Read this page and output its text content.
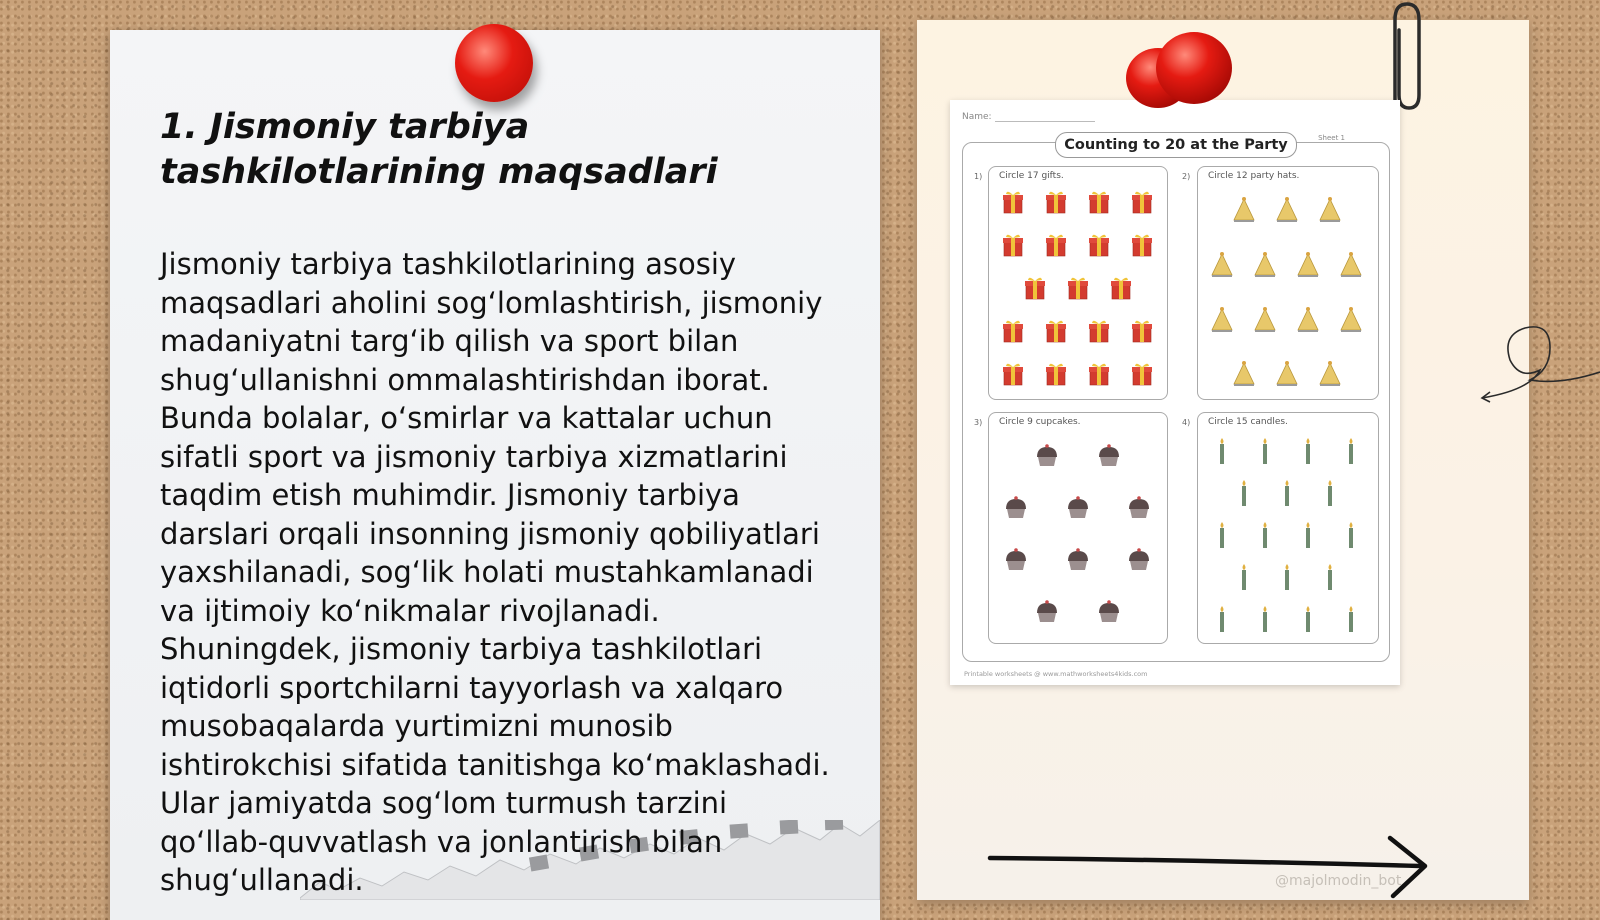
1. Jismoniy tarbiya tashkilotlarining maqsadlari

Jismoniy tarbiya tashkilotlarining asosiy maqsadlari aholini sog‘lomlashtirish, jismoniy madaniyatni targ‘ib qilish va sport bilan shug‘ullanishni ommalashtirishdan iborat. Bunda bolalar, o‘smirlar va kattalar uchun sifatli sport va jismoniy tarbiya xizmatlarini taqdim etish muhimdir. Jismoniy tarbiya darslari orqali insonning jismoniy qobiliyatlari yaxshilanadi, sog‘lik holati mustahkamlanadi va ijtimoiy ko‘nikmalar rivojlanadi. Shuningdek, jismoniy tarbiya tashkilotlari iqtidorli sportchilarni tayyorlash va xalqaro musobaqalarda yurtimizni munosib ishtirokchisi sifatida tanitishga ko‘maklashadi. Ular jamiyatda sog‘lom turmush tarzini qo‘llab-quvvatlash va jonlantirish bilan shug‘ullanadi.

Name:
Counting to 20 at the Party	Sheet 1
1) Circle 17 gifts.	2) Circle 12 party hats.
3) Circle 9 cupcakes.	4) Circle 15 candles.
Printable worksheets @ www.mathworksheets4kids.com
@majolmodin_bot
